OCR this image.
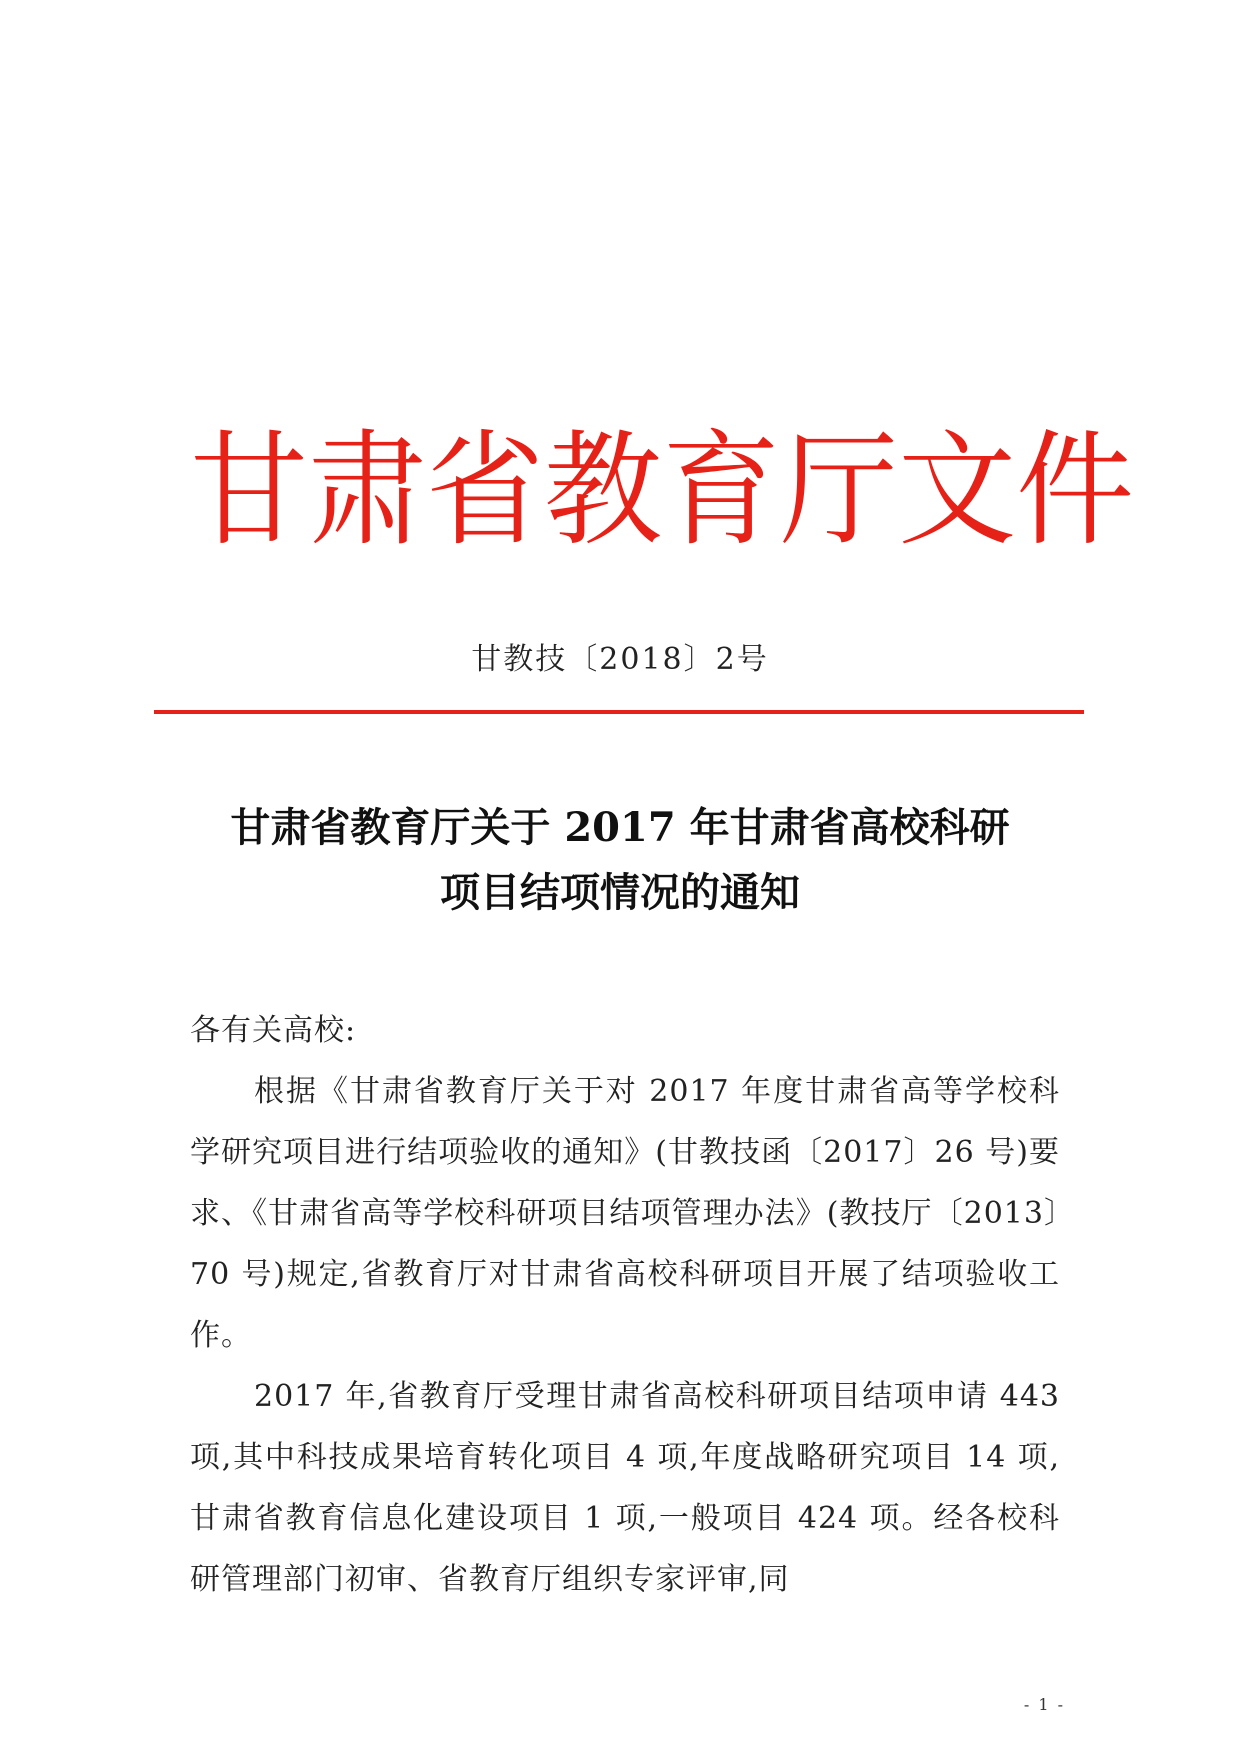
甘 肃 省 教 育 厅 文 件
甘教技〔2018〕2号
甘肃省教育厅关于 2017 年甘肃省高校科研
项目结项情况的通知

各有关高校:

根据《甘肃省教育厅关于对 2017 年度甘肃省高等学校科学研究项目进行结项验收的通知》(甘教技函〔2017〕26 号)要求、《甘肃省高等学校科研项目结项管理办法》(教技厅〔2013〕70 号)规定,省教育厅对甘肃省高校科研项目开展了结项验收工作。

2017 年,省教育厅受理甘肃省高校科研项目结项申请 443 项,其中科技成果培育转化项目 4 项,年度战略研究项目 14 项,甘肃省教育信息化建设项目 1 项,一般项目 424 项。经各校科研管理部门初审、省教育厅组织专家评审,同

- 1 -
